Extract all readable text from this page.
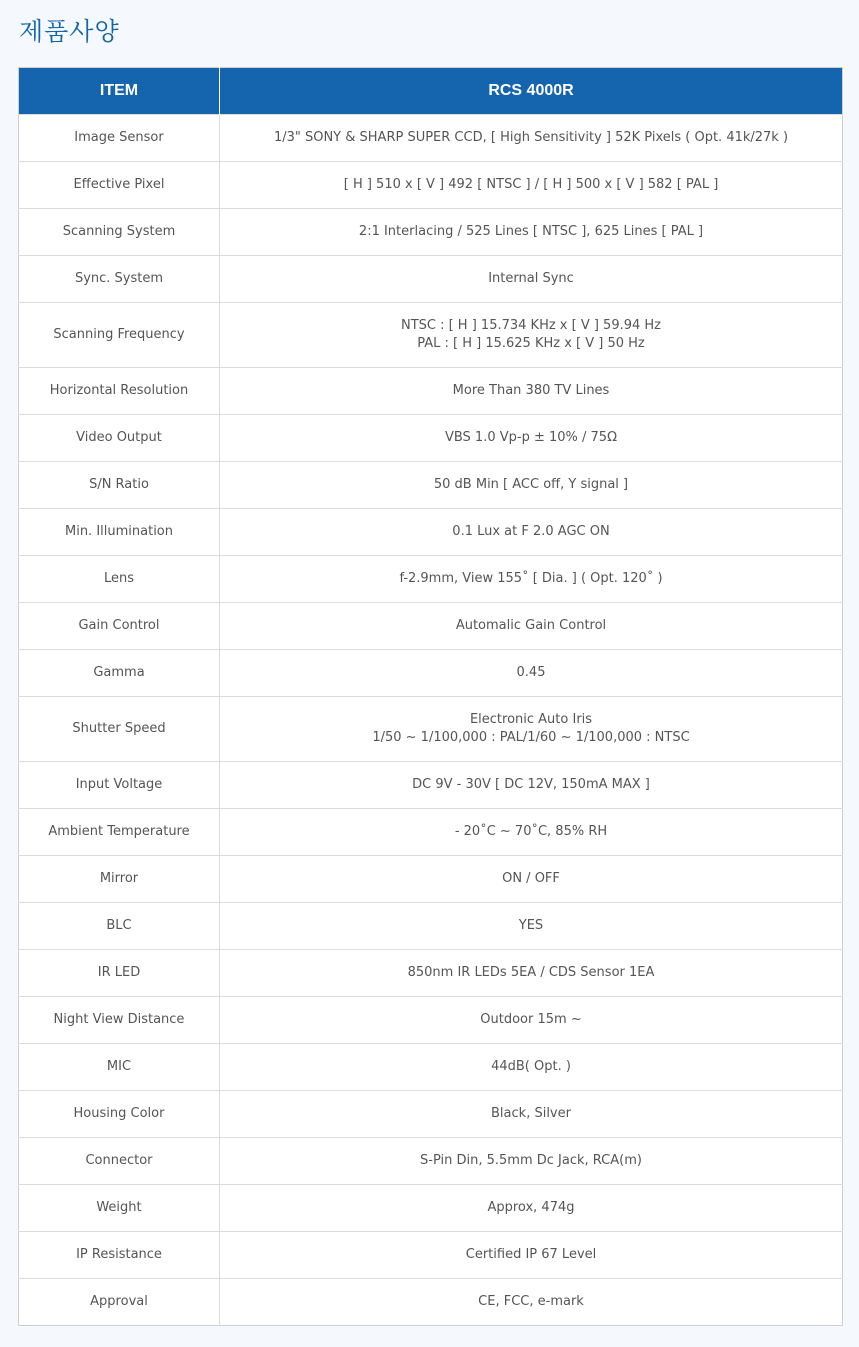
제품사양
ITEM	RCS 4000R
Image Sensor	1/3" SONY & SHARP SUPER CCD, [ High Sensitivity ] 52K Pixels ( Opt. 41k/27k )

Effective Pixel	[ H ] 510 x [ V ] 492 [ NTSC ] / [ H ] 500 x [ V ] 582 [ PAL ]

Scanning System	2:1 Interlacing / 525 Lines [ NTSC ], 625 Lines [ PAL ]

Sync. System	Internal Sync

Scanning Frequency	NTSC : [ H ] 15.734 KHz x [ V ] 59.94 Hz
PAL : [ H ] 15.625 KHz x [ V ] 50 Hz

Horizontal Resolution	More Than 380 TV Lines

Video Output	VBS 1.0 Vp-p ± 10% / 75Ω

S/N Ratio	50 dB Min [ ACC off, Y signal ]

Min. Illumination	0.1 Lux at F 2.0 AGC ON

Lens	f-2.9mm, View 155˚ [ Dia. ] ( Opt. 120˚ )

Gain Control	Automalic Gain Control

Gamma	0.45

Shutter Speed	Electronic Auto Iris
1/50 ~ 1/100,000 : PAL/1/60 ~ 1/100,000 : NTSC

Input Voltage	DC 9V - 30V [ DC 12V, 150mA MAX ]

Ambient Temperature	- 20˚C ~ 70˚C, 85% RH

Mirror	ON / OFF

BLC	YES

IR LED	850nm IR LEDs 5EA / CDS Sensor 1EA

Night View Distance	Outdoor 15m ~

MIC	44dB( Opt. )

Housing Color	Black, Silver

Connector	S-Pin Din, 5.5mm Dc Jack, RCA(m)

Weight	Approx, 474g

IP Resistance	Certified IP 67 Level

Approval	CE, FCC, e-mark
